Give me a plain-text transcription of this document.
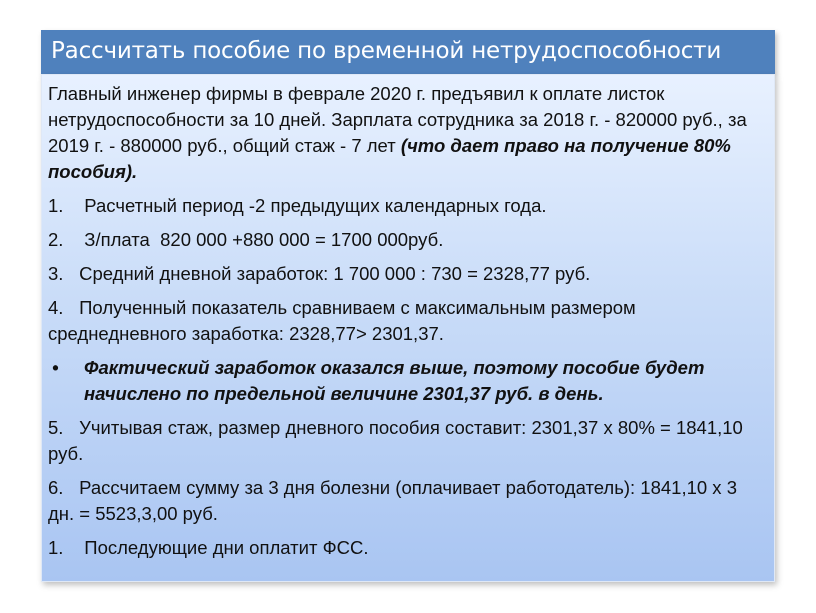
Рассчитать пособие по временной нетрудоспособности
Главный инженер фирмы в феврале 2020 г. предъявил к оплате листок нетрудоспособности за 10 дней. Зарплата сотрудника за 2018 г. - 820000 руб., за 2019 г. - 880000 руб., общий стаж - 7 лет (что дает право на получение 80% пособия).
1.  Расчетный период -2 предыдущих календарных года.
2.  З/плата  820 000 +880 000 = 1700 000руб.
3. Средний дневной заработок: 1 700 000 : 730 = 2328,77 руб.
4. Полученный показатель сравниваем с максимальным размером среднедневного заработка: 2328,77> 2301,37.
• Фактический заработок оказался выше, поэтому пособие будет начислено по предельной величине 2301,37 руб. в день.
5. Учитывая стаж, размер дневного пособия составит: 2301,37 х 80% = 1841,10 руб.
6. Рассчитаем сумму за 3 дня болезни (оплачивает работодатель): 1841,10 х 3  дн. = 5523,3,00 руб.
1.  Последующие дни оплатит ФСС.
